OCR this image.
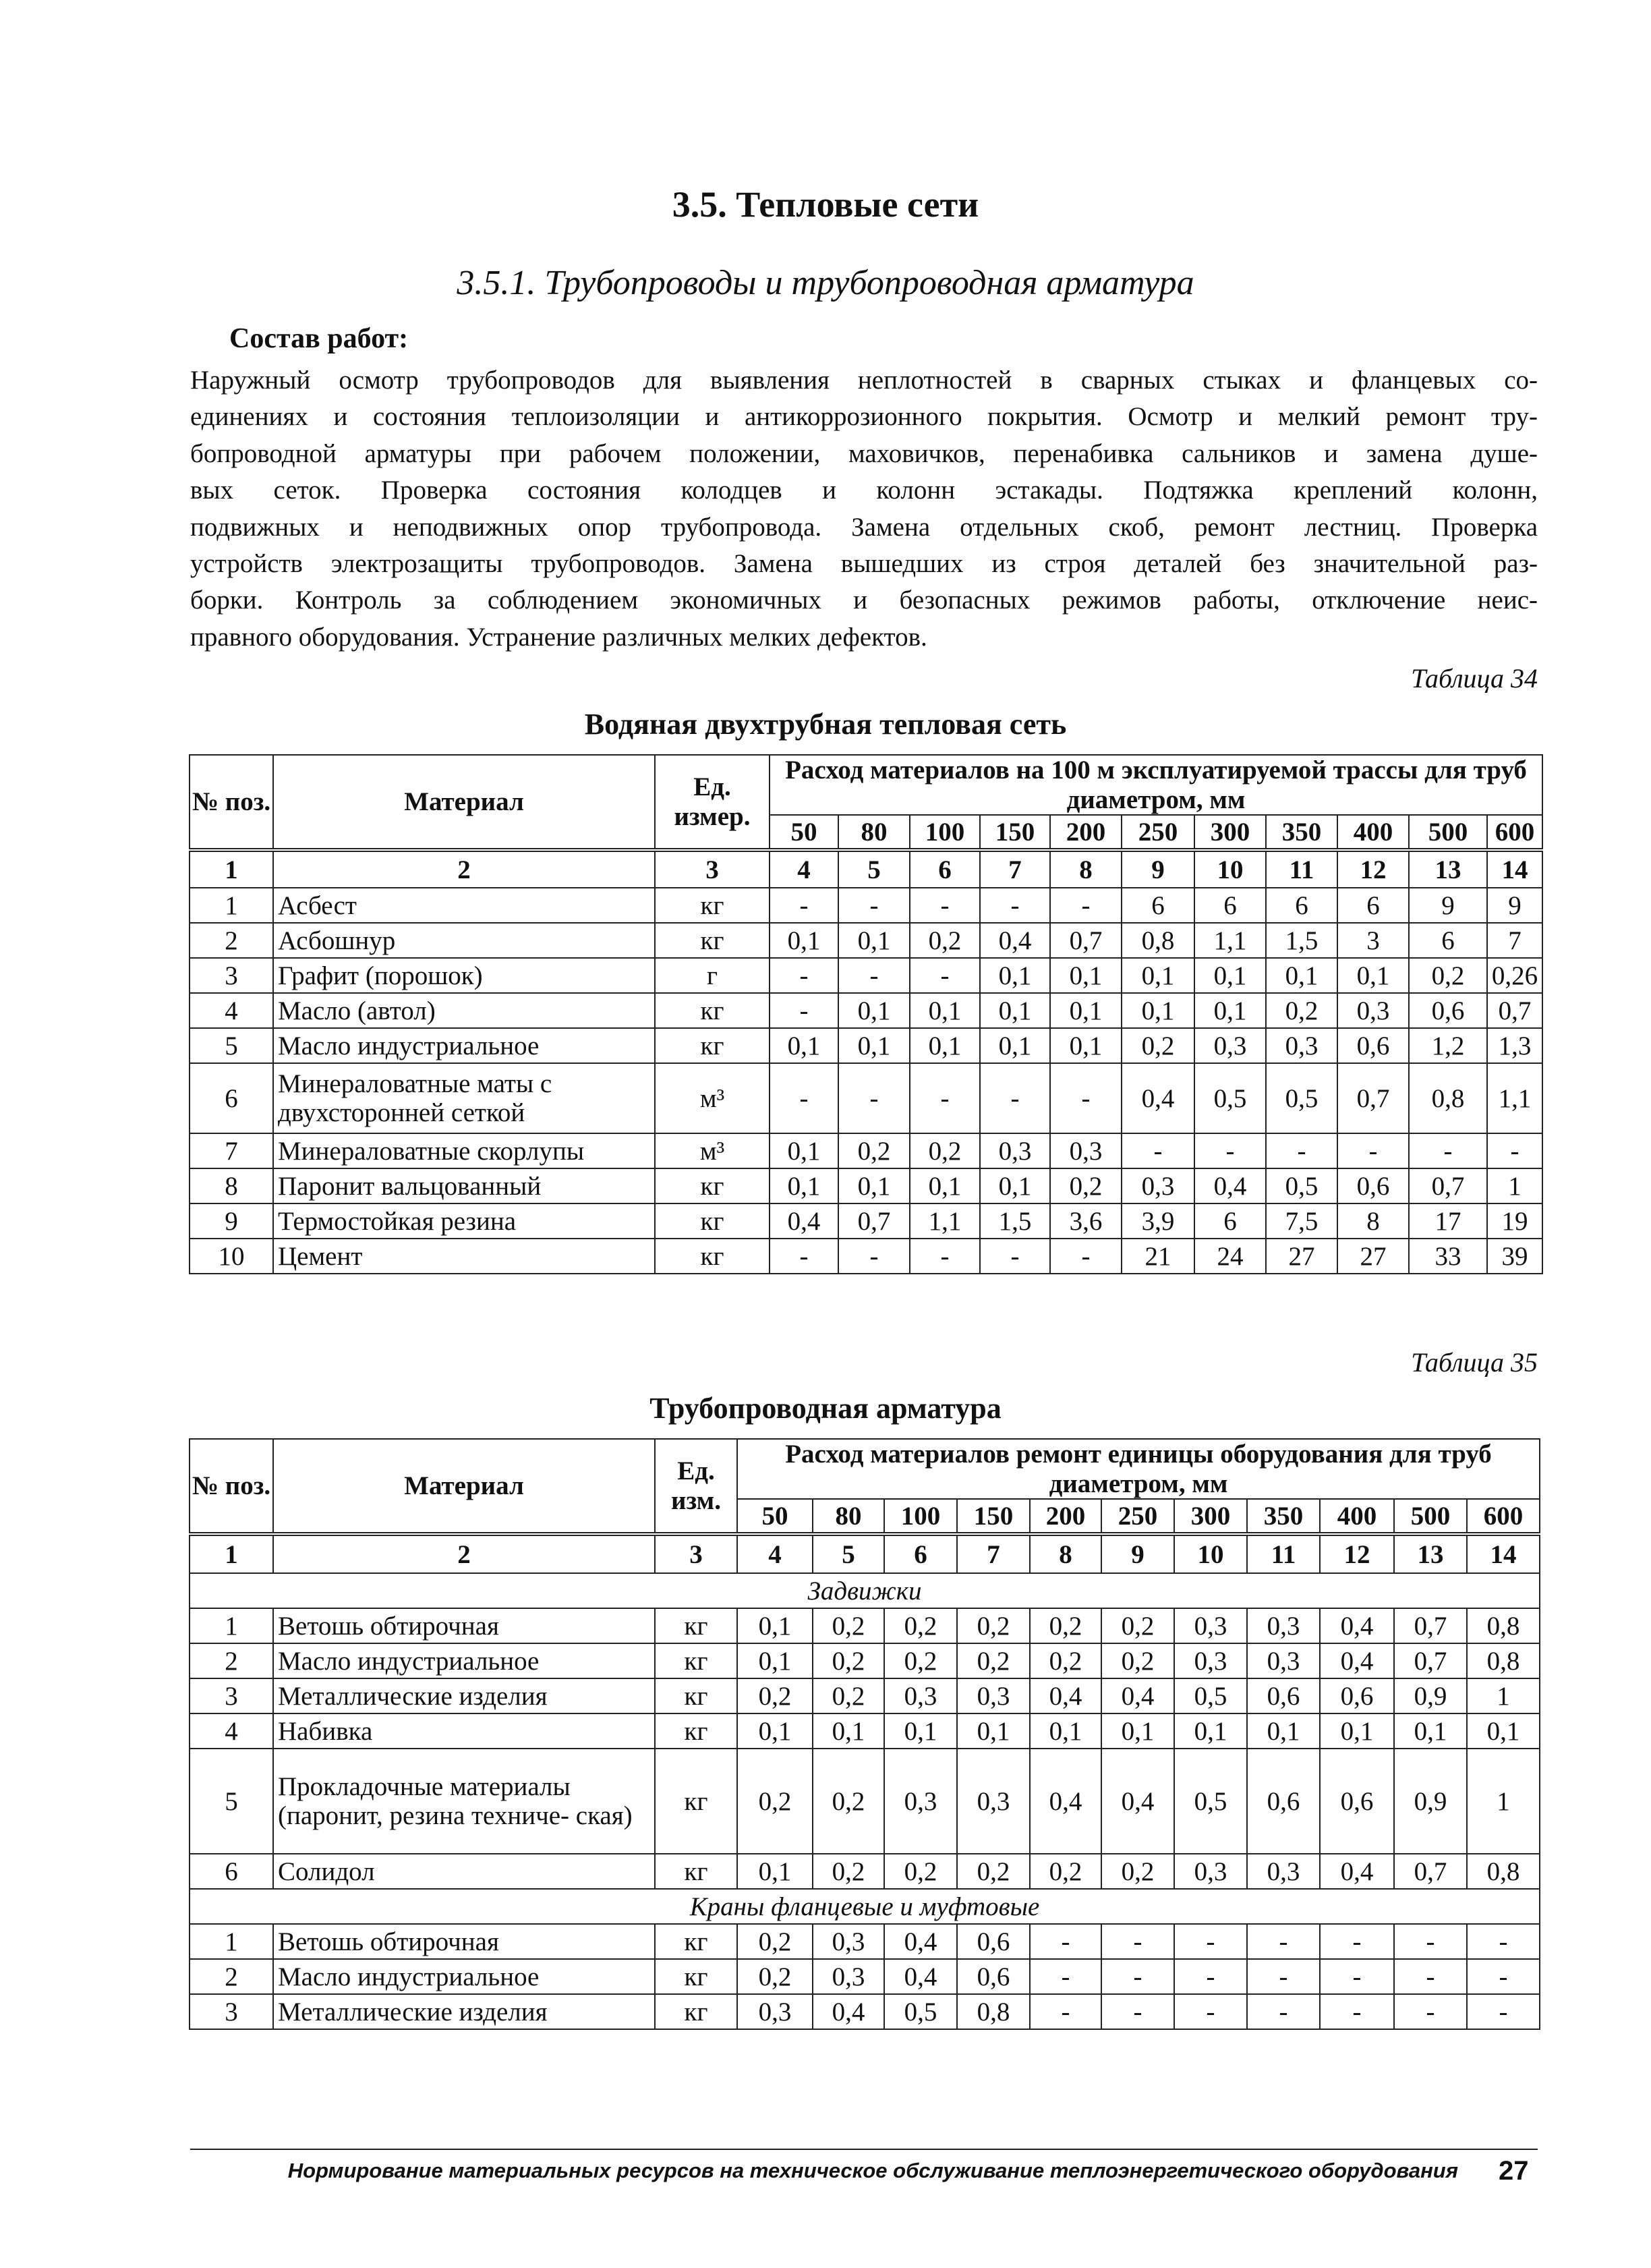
3.5. Тепловые сети
3.5.1. Трубопроводы и трубопроводная арматура
Состав работ:
Наружный осмотр трубопроводов для выявления неплотностей в сварных стыках и фланцевых со-
единениях и состояния теплоизоляции и антикоррозионного покрытия. Осмотр и мелкий ремонт тру-
бопроводной арматуры при рабочем положении, маховичков, перенабивка сальников и замена душе-
вых сеток. Проверка состояния колодцев и колонн эстакады. Подтяжка креплений колонн,
подвижных и неподвижных опор трубопровода. Замена отдельных скоб, ремонт лестниц. Проверка
устройств электрозащиты трубопроводов. Замена вышедших из строя деталей без значительной раз-
борки. Контроль за соблюдением экономичных и безопасных режимов работы, отключение неис-
правного оборудования. Устранение различных мелких дефектов.
Таблица 34
Водяная двухтрубная тепловая сеть
№ поз.	Материал	Ед. измер.	Расход материалов на 100 м эксплуатируемой трассы для труб диаметром, мм										
			50	80	100	150	200	250	300	350	400	500	600
1	2	3	4	5	6	7	8	9	10	11	12	13	14
1	Асбест	кг	-	-	-	-	-	6	6	6	6	9	9
2	Асбошнур	кг	0,1	0,1	0,2	0,4	0,7	0,8	1,1	1,5	3	6	7
3	Графит (порошок)	г	-	-	-	0,1	0,1	0,1	0,1	0,1	0,1	0,2	0,26
4	Масло (автол)	кг	-	0,1	0,1	0,1	0,1	0,1	0,1	0,2	0,3	0,6	0,7
5	Масло индустриальное	кг	0,1	0,1	0,1	0,1	0,1	0,2	0,3	0,3	0,6	1,2	1,3
6	Минераловатные маты с двухсторонней сеткой	м³	-	-	-	-	-	0,4	0,5	0,5	0,7	0,8	1,1
7	Минераловатные скорлупы	м³	0,1	0,2	0,2	0,3	0,3	-	-	-	-	-	-
8	Паронит вальцованный	кг	0,1	0,1	0,1	0,1	0,2	0,3	0,4	0,5	0,6	0,7	1
9	Термостойкая резина	кг	0,4	0,7	1,1	1,5	3,6	3,9	6	7,5	8	17	19
10	Цемент	кг	-	-	-	-	-	21	24	27	27	33	39
Таблица 35
Трубопроводная арматура
№ поз.	Материал	Ед. изм.	Расход материалов ремонт единицы оборудования для труб диаметром, мм										
			50	80	100	150	200	250	300	350	400	500	600
1	2	3	4	5	6	7	8	9	10	11	12	13	14
Задвижки													
1	Ветошь обтирочная	кг	0,1	0,2	0,2	0,2	0,2	0,2	0,3	0,3	0,4	0,7	0,8
2	Масло индустриальное	кг	0,1	0,2	0,2	0,2	0,2	0,2	0,3	0,3	0,4	0,7	0,8
3	Металлические изделия	кг	0,2	0,2	0,3	0,3	0,4	0,4	0,5	0,6	0,6	0,9	1
4	Набивка	кг	0,1	0,1	0,1	0,1	0,1	0,1	0,1	0,1	0,1	0,1	0,1
5	Прокладочные материалы (паронит, резина техниче- ская)	кг	0,2	0,2	0,3	0,3	0,4	0,4	0,5	0,6	0,6	0,9	1
6	Солидол	кг	0,1	0,2	0,2	0,2	0,2	0,2	0,3	0,3	0,4	0,7	0,8
Краны фланцевые и муфтовые													
1	Ветошь обтирочная	кг	0,2	0,3	0,4	0,6	-	-	-	-	-	-	-
2	Масло индустриальное	кг	0,2	0,3	0,4	0,6	-	-	-	-	-	-	-
3	Металлические изделия	кг	0,3	0,4	0,5	0,8	-	-	-	-	-	-	-
Нормирование материальных ресурсов на техническое обслуживание теплоэнергетического оборудования 27
